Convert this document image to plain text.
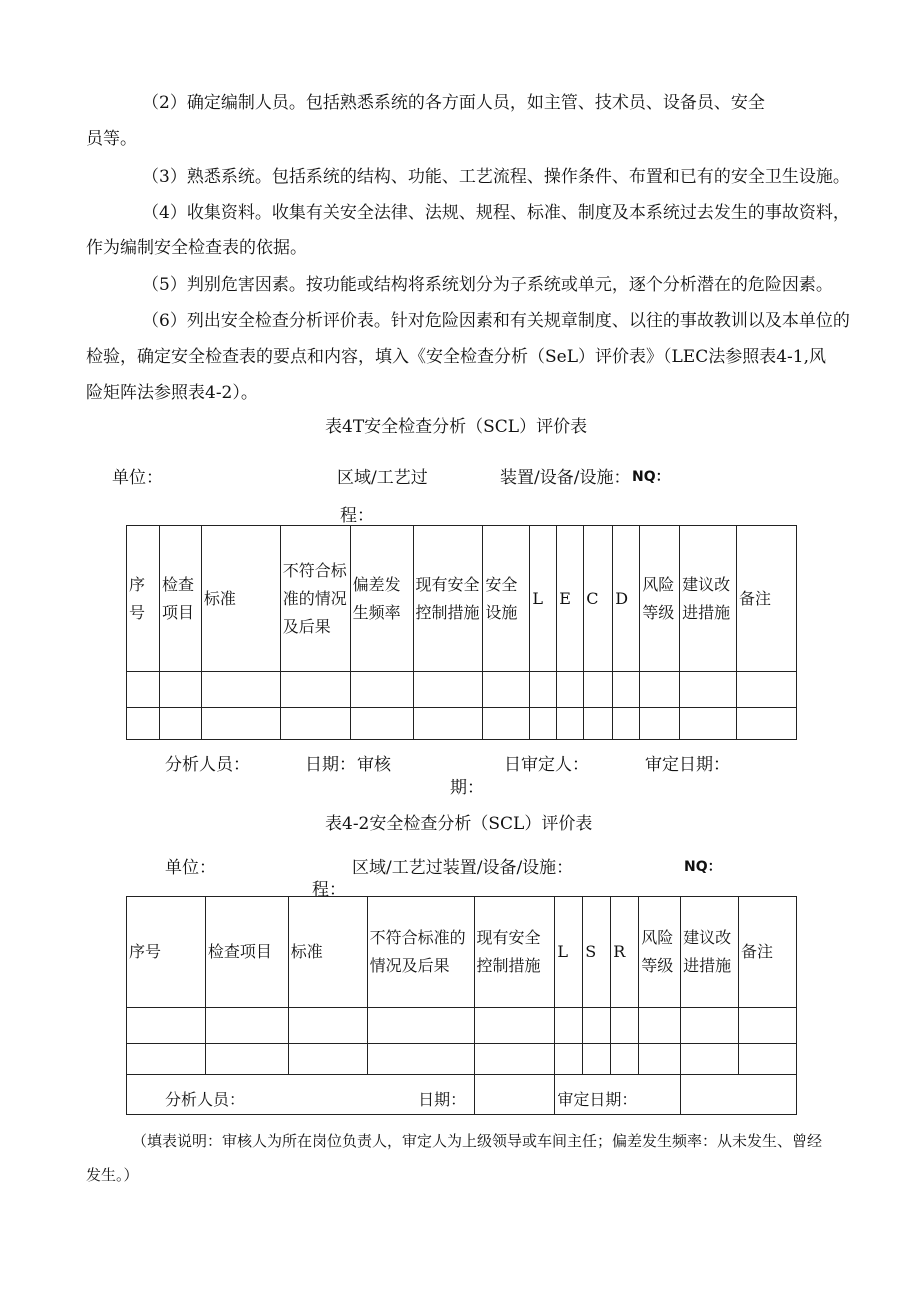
（2）确定编制人员。包括熟悉系统的各方面人员，如主管、技术员、设备员、安全
员等。
（3）熟悉系统。包括系统的结构、功能、工艺流程、操作条件、布置和已有的安全卫生设施。
（4）收集资料。收集有关安全法律、法规、规程、标准、制度及本系统过去发生的事故资料，
作为编制安全检查表的依据。
（5）判别危害因素。按功能或结构将系统划分为子系统或单元，逐个分析潜在的危险因素。
（6）列出安全检查分析评价表。针对危险因素和有关规章制度、以往的事故教训以及本单位的
检验，确定安全检查表的要点和内容，填入《安全检查分析（SeL）评价表》（LEC法参照表4-1,风
险矩阵法参照表4-2）。
表4T安全检查分析（SCL）评价表
单位：	区域/工艺过
程：
装置/设备/设施： NQ：
序号	检查项目	标准	不符合标准的情况及后果	偏差发生频率	现有安全控制措施	安全设施	L	E	C	D	风险等级	建议改进措施	备注

分析人员：	日期： 审核
期：
日审定人：	审定日期：
表4-2安全检查分析（SCL）评价表
单位：	区域/工艺过装置/设备/设施：
程：
NQ：
序号	检查项目	标准	不符合标准的情况及后果	现有安全控制措施	L	S	R	风险等级	建议改进措施	备注

分析人员： 日期：					审定日期：					
（填表说明：审核人为所在岗位负责人，审定人为上级领导或车间主任；偏差发生频率：从未发生、曾经
发生。）
